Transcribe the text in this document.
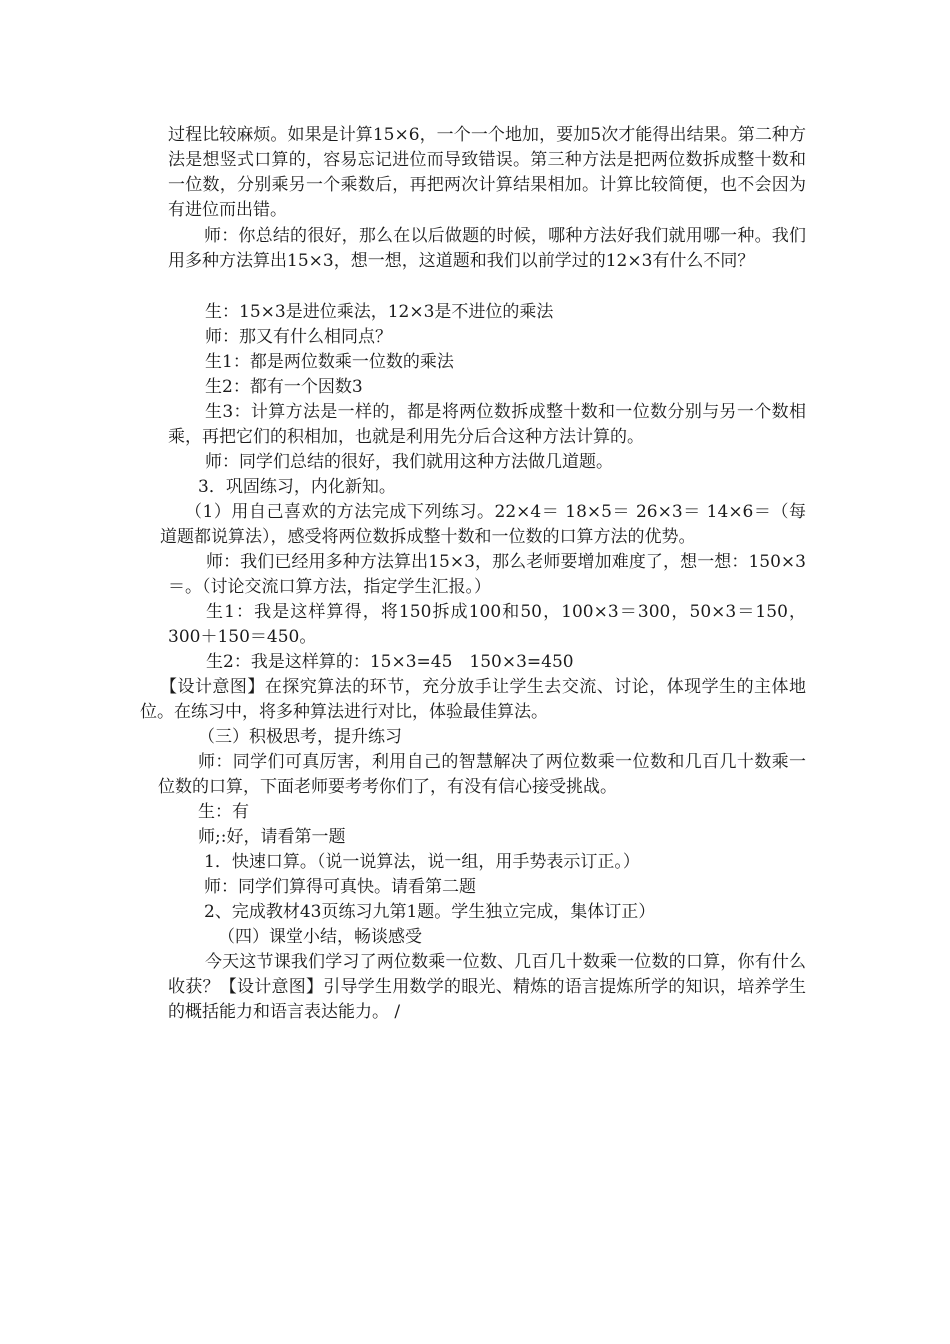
过程比较麻烦。如果是计算15×6，一个一个地加，要加5次才能得出结果。第二种方法是想竖式口算的，容易忘记进位而导致错误。第三种方法是把两位数拆成整十数和一位数，分别乘另一个乘数后，再把两次计算结果相加。计算比较简便，也不会因为有进位而出错。

师：你总结的很好，那么在以后做题的时候，哪种方法好我们就用哪一种。我们用多种方法算出15×3，想一想，这道题和我们以前学过的12×3有什么不同？

生：15×3是进位乘法，12×3是不进位的乘法

师：那又有什么相同点？

生1：都是两位数乘一位数的乘法

生2：都有一个因数3

生3：计算方法是一样的，都是将两位数拆成整十数和一位数分别与另一个数相乘，再把它们的积相加，也就是利用先分后合这种方法计算的。

师：同学们总结的很好，我们就用这种方法做几道题。

3．巩固练习，内化新知。

（1）用自己喜欢的方法完成下列练习。22×4＝ 18×5＝ 26×3＝ 14×6＝（每道题都说算法），感受将两位数拆成整十数和一位数的口算方法的优势。

师：我们已经用多种方法算出15×3，那么老师要增加难度了，想一想：150×3＝。（讨论交流口算方法，指定学生汇报。）

生1：我是这样算得，将150拆成100和50，100×3＝300，50×3＝150，300＋150＝450。

生2：我是这样算的：15×3=45　150×3=450

【设计意图】在探究算法的环节，充分放手让学生去交流、讨论，体现学生的主体地位。在练习中，将多种算法进行对比，体验最佳算法。

（三）积极思考，提升练习

师：同学们可真厉害，利用自己的智慧解决了两位数乘一位数和几百几十数乘一位数的口算，下面老师要考考你们了，有没有信心接受挑战。

生：有

师;:好，请看第一题

1．快速口算。（说一说算法，说一组，用手势表示订正。）

师：同学们算得可真快。请看第二题

2、完成教材43页练习九第1题。学生独立完成，集体订正）

（四）课堂小结，畅谈感受

今天这节课我们学习了两位数乘一位数、几百几十数乘一位数的口算，你有什么收获？【设计意图】引导学生用数学的眼光、精炼的语言提炼所学的知识，培养学生的概括能力和语言表达能力。 /
